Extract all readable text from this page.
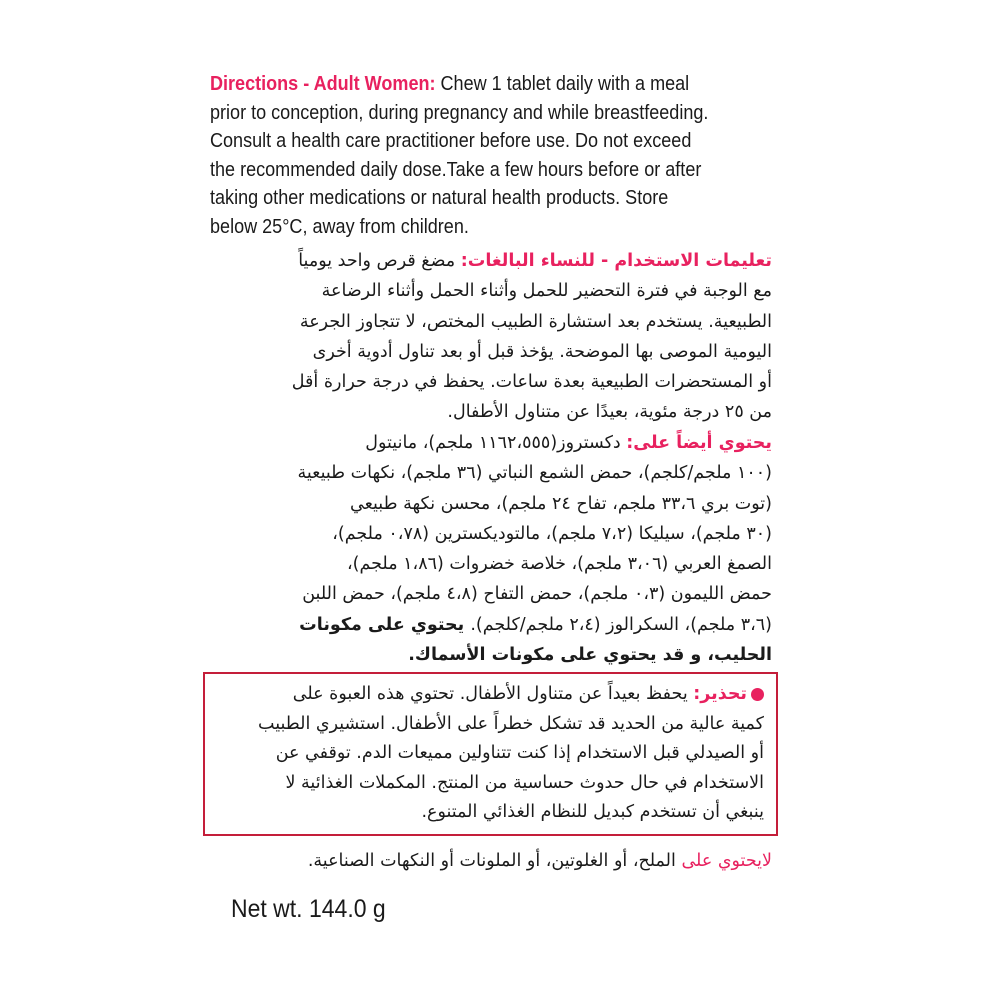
Directions - Adult Women: Chew 1 tablet daily with a meal
prior to conception, during pregnancy and while breastfeeding.
Consult a health care practitioner before use. Do not exceed
the recommended daily dose.Take a few hours before or after
taking other medications or natural health products. Store
below 25°C, away from children.
تعليمات الاستخدام - للنساء البالغات: مضغ قرص واحد يومياً
مع الوجبة في فترة التحضير للحمل وأثناء الحمل وأثناء الرضاعة
الطبيعية. يستخدم بعد استشارة الطبيب المختص، لا تتجاوز الجرعة
اليومية الموصى بها الموضحة. يؤخذ قبل أو بعد تناول أدوية أخرى
أو المستحضرات الطبيعية بعدة ساعات. يحفظ في درجة حرارة أقل
من ٢٥ درجة مئوية، بعيدًا عن متناول الأطفال.
يحتوي أيضاً على: دكستروز(١١٦٢،٥٥٥ ملجم)، مانيتول
(١٠٠ ملجم/كلجم)، حمض الشمع النباتي (٣٦ ملجم)، نكهات طبيعية
(توت بري ٣٣،٦ ملجم، تفاح ٢٤ ملجم)، محسن نكهة طبيعي
(٣٠ ملجم)، سيليكا (٧،٢ ملجم)، مالتوديكسترين (٠،٧٨ ملجم)،
الصمغ العربي (٣،٠٦ ملجم)، خلاصة خضروات (١،٨٦ ملجم)،
حمض الليمون (٠،٣ ملجم)، حمض التفاح (٤،٨ ملجم)، حمض اللبن
(٣،٦ ملجم)، السكرالوز (٢،٤ ملجم/كلجم). يحتوي على مكونات
الحليب، و قد يحتوي على مكونات الأسماك.
تحذير: يحفظ بعيداً عن متناول الأطفال. تحتوي هذه العبوة على
كمية عالية من الحديد قد تشكل خطراً على الأطفال. استشيري الطبيب
أو الصيدلي قبل الاستخدام إذا كنت تتناولين مميعات الدم. توقفي عن
الاستخدام في حال حدوث حساسية من المنتج. المكملات الغذائية لا
ينبغي أن تستخدم كبديل للنظام الغذائي المتنوع.
لايحتوي على الملح، أو الغلوتين، أو الملونات أو النكهات الصناعية.
Net wt. 144.0 g
